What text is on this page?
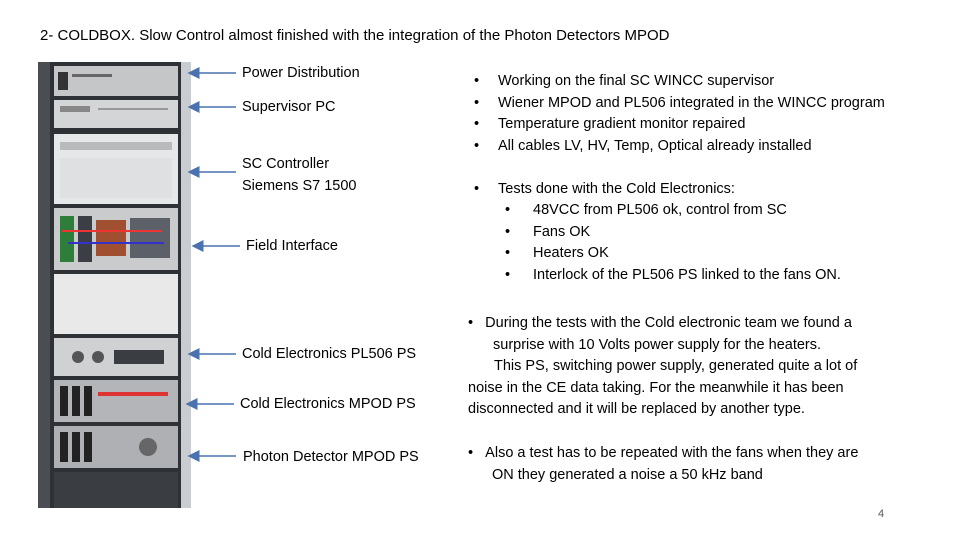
2- COLDBOX. Slow Control almost finished with the integration of the Photon Detectors MPOD
Power Distribution
Supervisor PC
SC Controller
Siemens S7 1500
Field Interface
Cold Electronics PL506 PS
Cold Electronics MPOD PS
Photon Detector MPOD PS
• Working on the final SC WINCC supervisor
• Wiener MPOD and PL506 integrated in the WINCC program
• Temperature gradient monitor repaired
• All cables LV, HV, Temp, Optical already installed
• Tests done with the Cold Electronics:
• 48VCC from PL506 ok, control from SC
• Fans OK
• Heaters OK
• Interlock of the PL506 PS linked to the fans ON.
•   During the tests with the Cold electronic team we found a
surprise with 10 Volts power supply for the heaters.
This PS, switching power supply, generated quite a lot of
noise in the CE data taking. For the meanwhile it has been
disconnected and it will be replaced by another type.
•   Also a test has to be repeated with the fans when they are
ON they generated a noise a 50 kHz band
4
